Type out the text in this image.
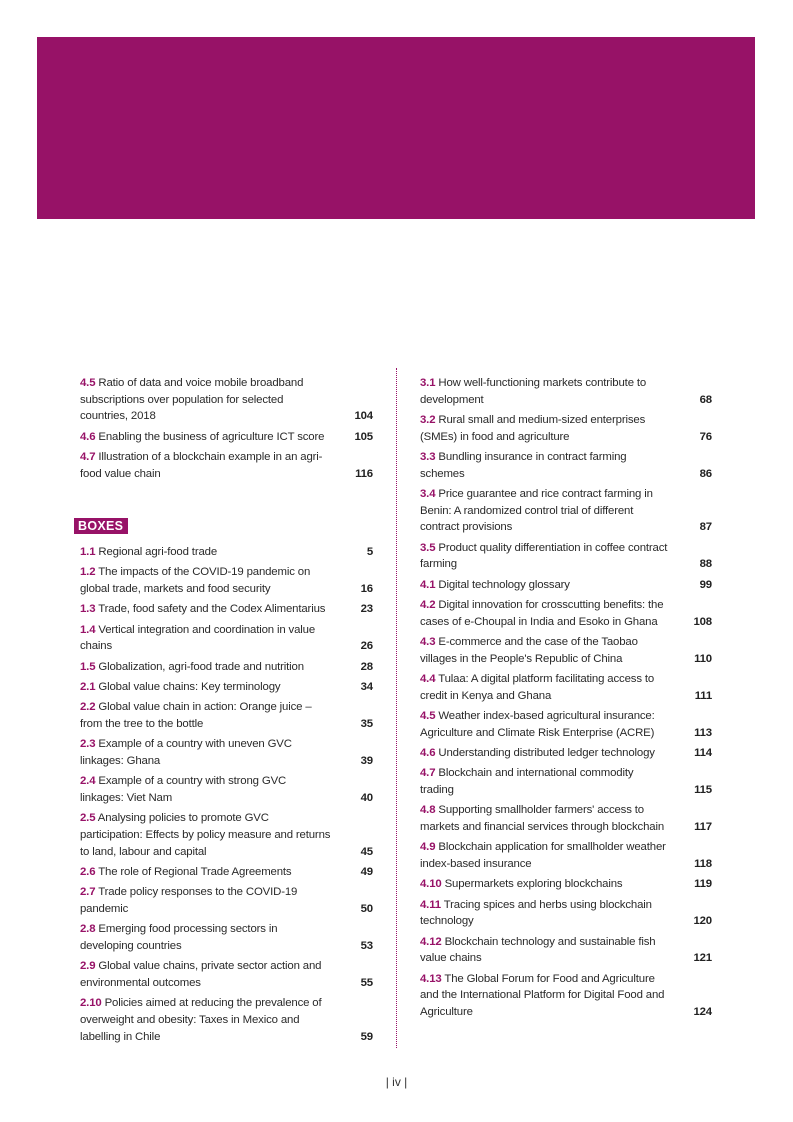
4.5 Ratio of data and voice mobile broadband subscriptions over population for selected countries, 2018	104
4.6 Enabling the business of agriculture ICT score	105
4.7 Illustration of a blockchain example in an agri-food value chain	116
BOXES
1.1 Regional agri-food trade	5
1.2 The impacts of the COVID-19 pandemic on global trade, markets and food security	16
1.3 Trade, food safety and the Codex Alimentarius	23
1.4 Vertical integration and coordination in value chains	26
1.5 Globalization, agri-food trade and nutrition	28
2.1 Global value chains: Key terminology	34
2.2 Global value chain in action: Orange juice – from the tree to the bottle	35
2.3 Example of a country with uneven GVC linkages: Ghana	39
2.4 Example of a country with strong GVC linkages: Viet Nam	40
2.5 Analysing policies to promote GVC participation: Effects by policy measure and returns to land, labour and capital	45
2.6 The role of Regional Trade Agreements	49
2.7 Trade policy responses to the COVID-19 pandemic	50
2.8 Emerging food processing sectors in developing countries	53
2.9 Global value chains, private sector action and environmental outcomes	55
2.10 Policies aimed at reducing the prevalence of overweight and obesity: Taxes in Mexico and labelling in Chile	59
3.1 How well-functioning markets contribute to development	68
3.2 Rural small and medium-sized enterprises (SMEs) in food and agriculture	76
3.3 Bundling insurance in contract farming schemes	86
3.4 Price guarantee and rice contract farming in Benin: A randomized control trial of different contract provisions	87
3.5 Product quality differentiation in coffee contract farming	88
4.1 Digital technology glossary	99
4.2 Digital innovation for crosscutting benefits: the cases of e-Choupal in India and Esoko in Ghana	108
4.3 E-commerce and the case of the Taobao villages in the People's Republic of China	110
4.4 Tulaa: A digital platform facilitating access to credit in Kenya and Ghana	111
4.5 Weather index-based agricultural insurance: Agriculture and Climate Risk Enterprise (ACRE)	113
4.6 Understanding distributed ledger technology	114
4.7 Blockchain and international commodity trading	115
4.8 Supporting smallholder farmers' access to markets and financial services through blockchain	117
4.9 Blockchain application for smallholder weather index-based insurance	118
4.10 Supermarkets exploring blockchains	119
4.11 Tracing spices and herbs using blockchain technology	120
4.12 Blockchain technology and sustainable fish value chains	121
4.13 The Global Forum for Food and Agriculture and the International Platform for Digital Food and Agriculture	124
| iv |
